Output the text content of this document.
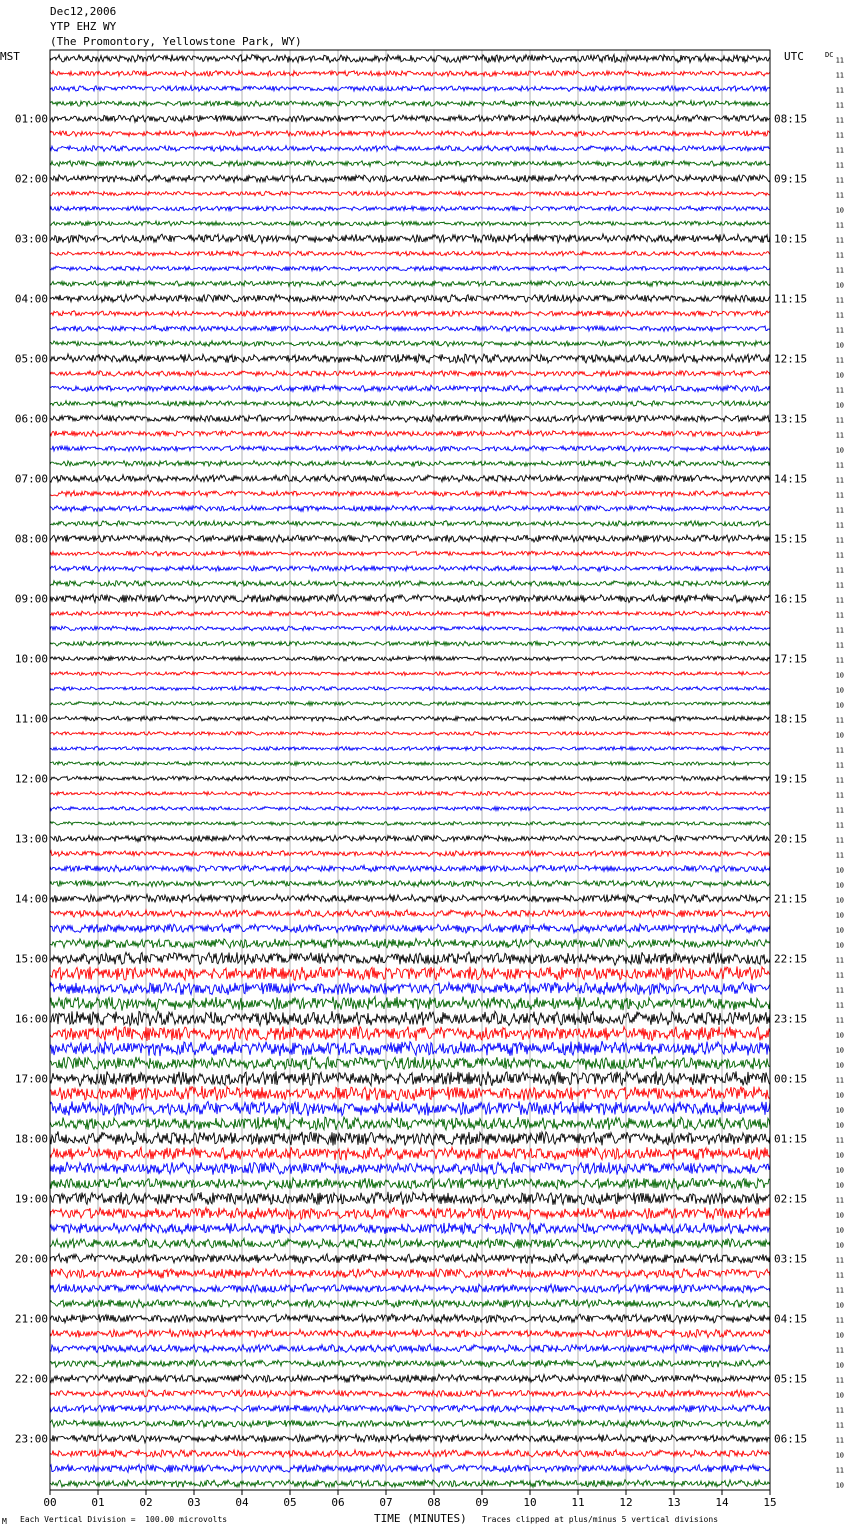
Dec12,2006
YTP EHZ WY
(The Promontory, Yellowstone Park, WY)
00	01	02	03	04	05	06	07	08	09	10	11	12	13	14	15
11
11
11
11
11
11
11
11
11
11
10
11
11
11
11
10
11
11
11
10
11
10
11
10
11
11
10
11
11
11
11
11
11
11
11
11
11
11
11
11
11
10
10
10
11
10
11
11
11
11
11
11
11
11
10
10
10
10
10
10
11
11
11
11
11
10
10
10
11
10
10
10
11
10
10
10
11
10
10
10
11
11
11
10
11
10
11
10
11
10
11
11
11
10
11
10
MST	UTC	DC
01:00
02:00
03:00
04:00
05:00
06:00
07:00
08:00
09:00
10:00
11:00
12:00
13:00
14:00
15:00
16:00
17:00
18:00
19:00
20:00
21:00
22:00
23:00
08:15
09:15
10:15
11:15
12:15
13:15
14:15
15:15
16:15
17:15
18:15
19:15
20:15
21:15
22:15
23:15
00:15
01:15
02:15
03:15
04:15
05:15
06:15
M Each Vertical Division =  100.00 microvolts	TIME (MINUTES) Traces clipped at plus/minus 5 vertical divisions
